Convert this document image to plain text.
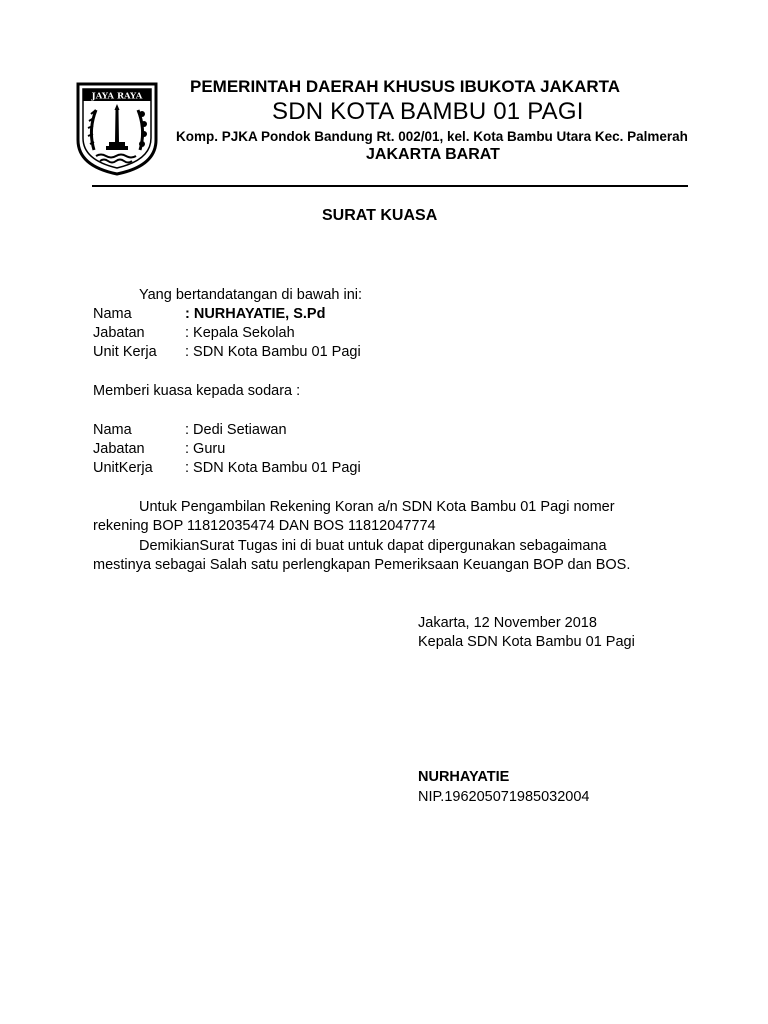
JAYA RAYA
PEMERINTAH DAERAH KHUSUS IBUKOTA JAKARTA
SDN KOTA BAMBU 01 PAGI
Komp. PJKA Pondok Bandung Rt. 002/01, kel. Kota Bambu Utara Kec. Palmerah
JAKARTA BARAT
SURAT KUASA
Yang bertandatangan di bawah ini:
Nama	: NURHAYATIE, S.Pd
Jabatan	: Kepala Sekolah
Unit Kerja : SDN Kota Bambu 01 Pagi
Memberi kuasa kepada sodara :
Nama	: Dedi Setiawan
Jabatan	: Guru
UnitKerja : SDN Kota Bambu 01 Pagi
Untuk Pengambilan Rekening Koran a/n SDN Kota Bambu 01 Pagi nomer
rekening BOP 11812035474 DAN BOS 11812047774
DemikianSurat Tugas ini di buat untuk dapat dipergunakan sebagaimana
mestinya sebagai Salah satu perlengkapan Pemeriksaan Keuangan BOP dan BOS.
Jakarta, 12 November 2018
Kepala SDN Kota Bambu 01 Pagi
NURHAYATIE
NIP.196205071985032004
